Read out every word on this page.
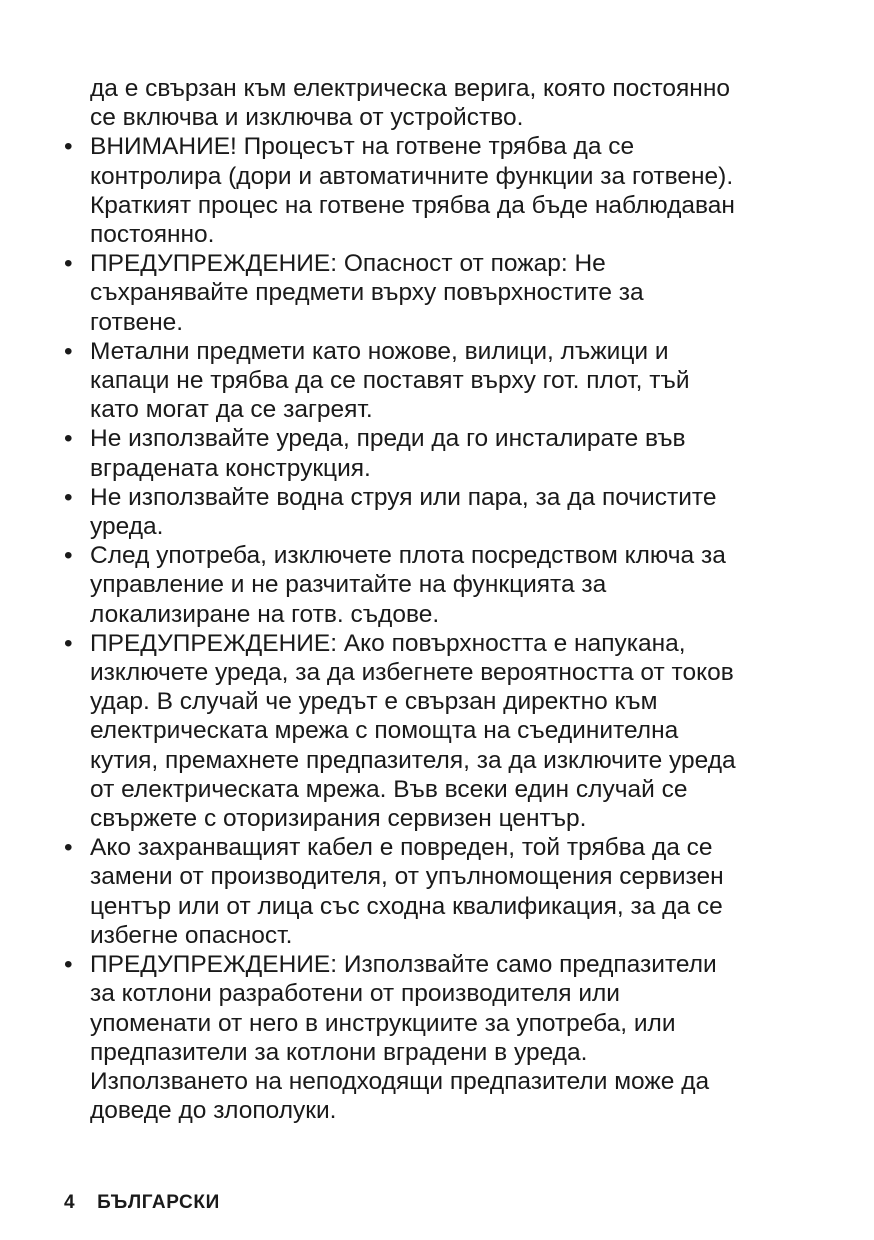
да е свързан към електрическа верига, която постоянно
се включва и изключва от устройство.
• ВНИМАНИЕ! Процесът на готвене трябва да се
контролира (дори и автоматичните функции за готвене).
Краткият процес на готвене трябва да бъде наблюдаван
постоянно.
• ПРЕДУПРЕЖДЕНИЕ: Опасност от пожар: Не
съхранявайте предмети върху повърхностите за
готвене.
• Метални предмети като ножове, вилици, лъжици и
капаци не трябва да се поставят върху гот. плот, тъй
като могат да се загреят.
• Не използвайте уреда, преди да го инсталирате във
вградената конструкция.
• Не използвайте водна струя или пара, за да почистите
уреда.
• След употреба, изключете плота посредством ключа за
управление и не разчитайте на функцията за
локализиране на готв. съдове.
• ПРЕДУПРЕЖДЕНИЕ: Ако повърхността е напукана,
изключете уреда, за да избегнете вероятността от токов
удар. В случай че уредът е свързан директно към
електрическата мрежа с помощта на съединителна
кутия, премахнете предпазителя, за да изключите уреда
от електрическата мрежа. Във всеки един случай се
свържете с оторизирания сервизен център.
• Ако захранващият кабел е повреден, той трябва да се
замени от производителя, от упълномощения сервизен
център или от лица със сходна квалификация, за да се
избегне опасност.
• ПРЕДУПРЕЖДЕНИЕ: Използвайте само предпазители
за котлони разработени от производителя или
упоменати от него в инструкциите за употреба, или
предпазители за котлони вградени в уреда.
Използването на неподходящи предпазители може да
доведе до злополуки.
4 БЪЛГАРСКИ
